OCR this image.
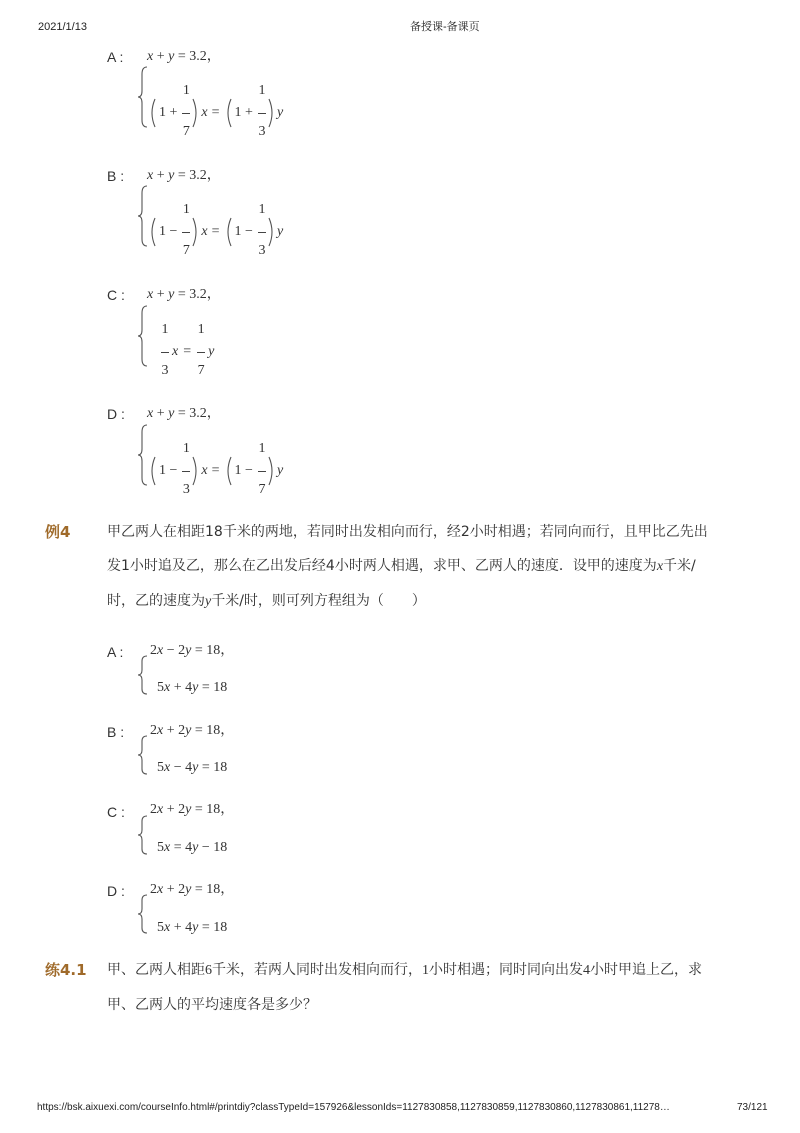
2021/1/13	备授课-备课页
A : x + y = 3.2，
$1 + \frac{1}{7}$ $x = 1 + \frac{1}{3}$ y
B : x + y = 3.2，
$1 - \frac{1}{7}$ $x = 1 - \frac{1}{3}$ y
C : x + y = 3.2，
$\frac{1}{3}$ $x = \frac{1}{7}$ y
D : x + y = 3.2，
$1 - \frac{1}{3}$ $x = 1 - \frac{1}{7}$ y
例4	甲乙两人在相距18千米的两地，若同时出发相向而行，经2小时相遇；若同向而行，且甲比乙先出
发1小时追及乙，那么在乙出发后经4小时两人相遇，求甲、乙两人的速度．设甲的速度为x千米/
时，乙的速度为y千米/时，则可列方程组为（　　）
A : 2x − 2y = 18，
5x + 4y = 18
B : 2x + 2y = 18，
5x − 4y = 18
C : 2x + 2y = 18，
5x = 4y − 18
D : 2x + 2y = 18，
5x + 4y = 18
练4.1 甲、乙两人相距6千米，若两人同时出发相向而行，1小时相遇；同时同向出发4小时甲追上乙，求
甲、乙两人的平均速度各是多少？
https://bsk.aixuexi.com/courseInfo.html#/printdiy?classTypeId=157926&lessonIds=1127830858,1127830859,1127830860,1127830861,11278…	73/121
